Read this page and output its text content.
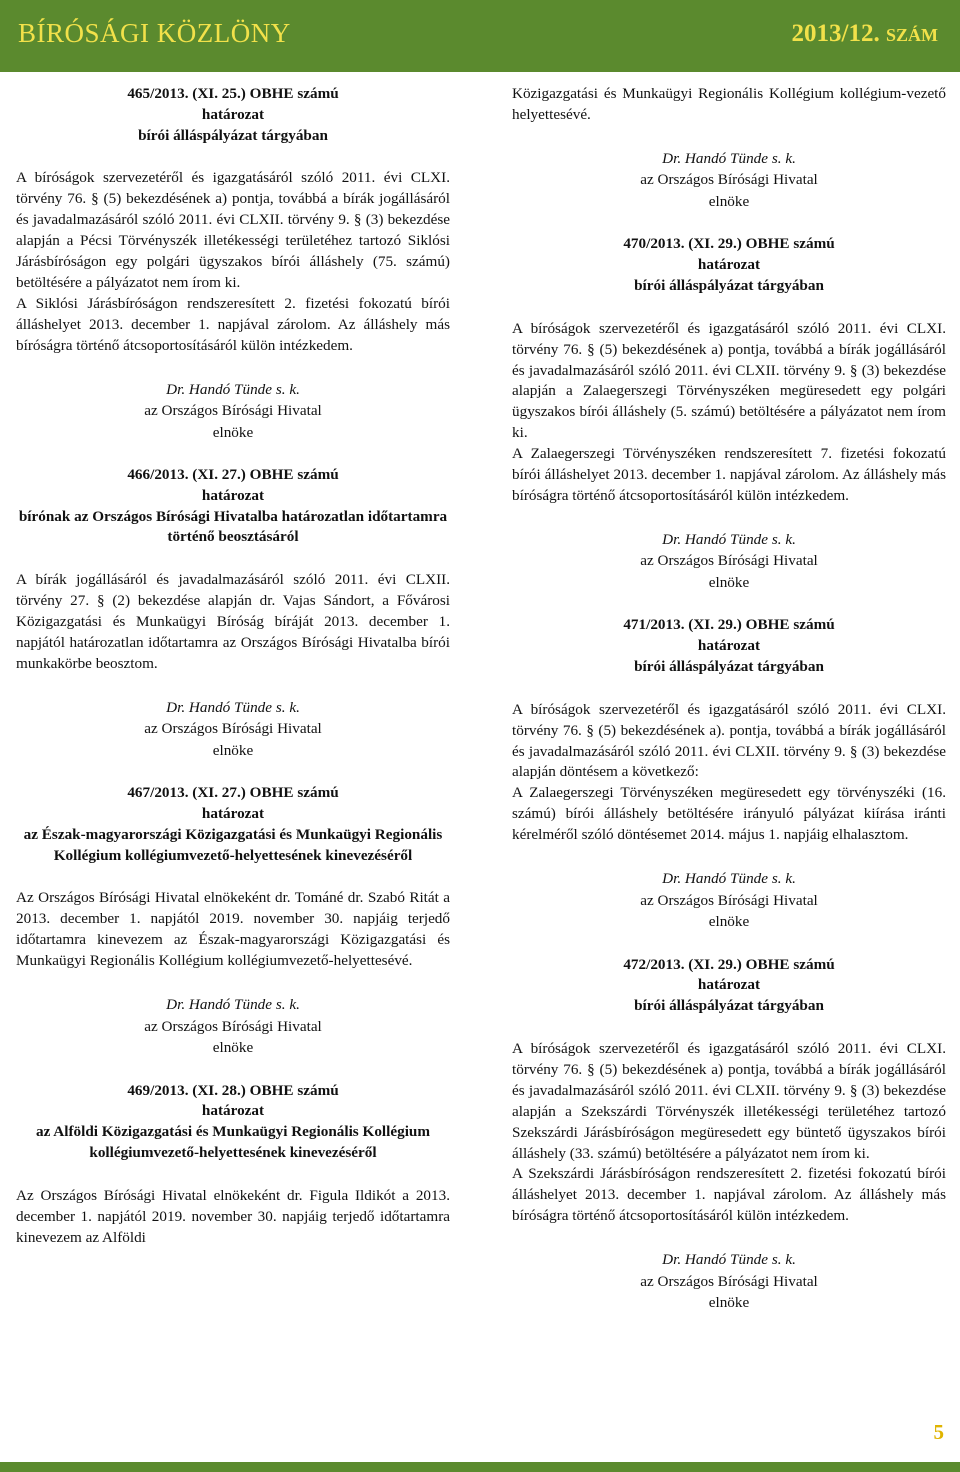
BÍRÓSÁGI KÖZLÖNY	2013/12. SZÁM
465/2013. (XI. 25.) OBHE számú
határozat
bírói álláspályázat tárgyában

A bíróságok szervezetéről és igazgatásáról szóló 2011. évi CLXI. törvény 76. § (5) bekezdésének a) pontja, továbbá a bírák jogállásáról és javadalmazásáról szóló 2011. évi CLXII. törvény 9. § (3) bekezdése alapján a Pécsi Törvényszék illetékességi területéhez tartozó Siklósi Járásbíróságon egy polgári ügyszakos bírói álláshely (75. számú) betöltésére a pályázatot nem írom ki.

A Siklósi Járásbíróságon rendszeresített 2. fizetési fokozatú bírói álláshelyet 2013. december 1. napjával zárolom. Az álláshely más bíróságra történő átcsoportosításáról külön intézkedem.

Dr. Handó Tünde s. k.
az Országos Bírósági Hivatal
elnöke
466/2013. (XI. 27.) OBHE számú
határozat
bírónak az Országos Bírósági Hivatalba határozatlan időtartamra történő beosztásáról

A bírák jogállásáról és javadalmazásáról szóló 2011. évi CLXII. törvény 27. § (2) bekezdése alapján dr. Vajas Sándort, a Fővárosi Közigazgatási és Munkaügyi Bíróság bíráját 2013. december 1. napjától határozatlan időtartamra az Országos Bírósági Hivatalba bírói munkakörbe beosztom.

Dr. Handó Tünde s. k.
az Országos Bírósági Hivatal
elnöke
467/2013. (XI. 27.) OBHE számú
határozat
az Észak-magyarországi Közigazgatási és Munkaügyi Regionális Kollégium kollégiumvezető-helyettesének kinevezéséről

Az Országos Bírósági Hivatal elnökeként dr. Tománé dr. Szabó Ritát a 2013. december 1. napjától 2019. november 30. napjáig terjedő időtartamra kinevezem az Észak-magyarországi Közigazgatási és Munkaügyi Regionális Kollégium kollégiumvezető-helyettesévé.

Dr. Handó Tünde s. k.
az Országos Bírósági Hivatal
elnöke
469/2013. (XI. 28.) OBHE számú
határozat
az Alföldi Közigazgatási és Munkaügyi Regionális Kollégium kollégiumvezető-helyettesének kinevezéséről

Az Országos Bírósági Hivatal elnökeként dr. Figula Ildikót a 2013. december 1. napjától 2019. november 30. napjáig terjedő időtartamra kinevezem az Alföldi

Közigazgatási és Munkaügyi Regionális Kollégium kollégium-vezető helyettesévé.

Dr. Handó Tünde s. k.
az Országos Bírósági Hivatal
elnöke
470/2013. (XI. 29.) OBHE számú
határozat
bírói álláspályázat tárgyában

A bíróságok szervezetéről és igazgatásáról szóló 2011. évi CLXI. törvény 76. § (5) bekezdésének a) pontja, továbbá a bírák jogállásáról és javadalmazásáról szóló 2011. évi CLXII. törvény 9. § (3) bekezdése alapján a Zalaegerszegi Törvényszéken megüresedett egy polgári ügyszakos bírói álláshely (5. számú) betöltésére a pályázatot nem írom ki.

A Zalaegerszegi Törvényszéken rendszeresített 7. fizetési fokozatú bírói álláshelyet 2013. december 1. napjával zárolom. Az álláshely más bíróságra történő átcsoportosításáról külön intézkedem.

Dr. Handó Tünde s. k.
az Országos Bírósági Hivatal
elnöke
471/2013. (XI. 29.) OBHE számú
határozat
bírói álláspályázat tárgyában

A bíróságok szervezetéről és igazgatásáról szóló 2011. évi CLXI. törvény 76. § (5) bekezdésének a). pontja, továbbá a bírák jogállásáról és javadalmazásáról szóló 2011. évi CLXII. törvény 9. § (3) bekezdése alapján döntésem a következő:

A Zalaegerszegi Törvényszéken megüresedett egy törvényszéki (16. számú) bírói álláshely betöltésére irányuló pályázat kiírása iránti kérelméről szóló döntésemet 2014. május 1. napjáig elhalasztom.

Dr. Handó Tünde s. k.
az Országos Bírósági Hivatal
elnöke
472/2013. (XI. 29.) OBHE számú
határozat
bírói álláspályázat tárgyában

A bíróságok szervezetéről és igazgatásáról szóló 2011. évi CLXI. törvény 76. § (5) bekezdésének a) pontja, továbbá a bírák jogállásáról és javadalmazásáról szóló 2011. évi CLXII. törvény 9. § (3) bekezdése alapján a Szekszárdi Törvényszék illetékességi területéhez tartozó Szekszárdi Járásbíróságon megüresedett egy büntető ügyszakos bírói álláshely (33. számú) betöltésére a pályázatot nem írom ki.

A Szekszárdi Járásbíróságon rendszeresített 2. fizetési fokozatú bírói álláshelyet 2013. december 1. napjával zárolom. Az álláshely más bíróságra történő átcsoportosításáról külön intézkedem.

Dr. Handó Tünde s. k.
az Országos Bírósági Hivatal
elnöke
5
